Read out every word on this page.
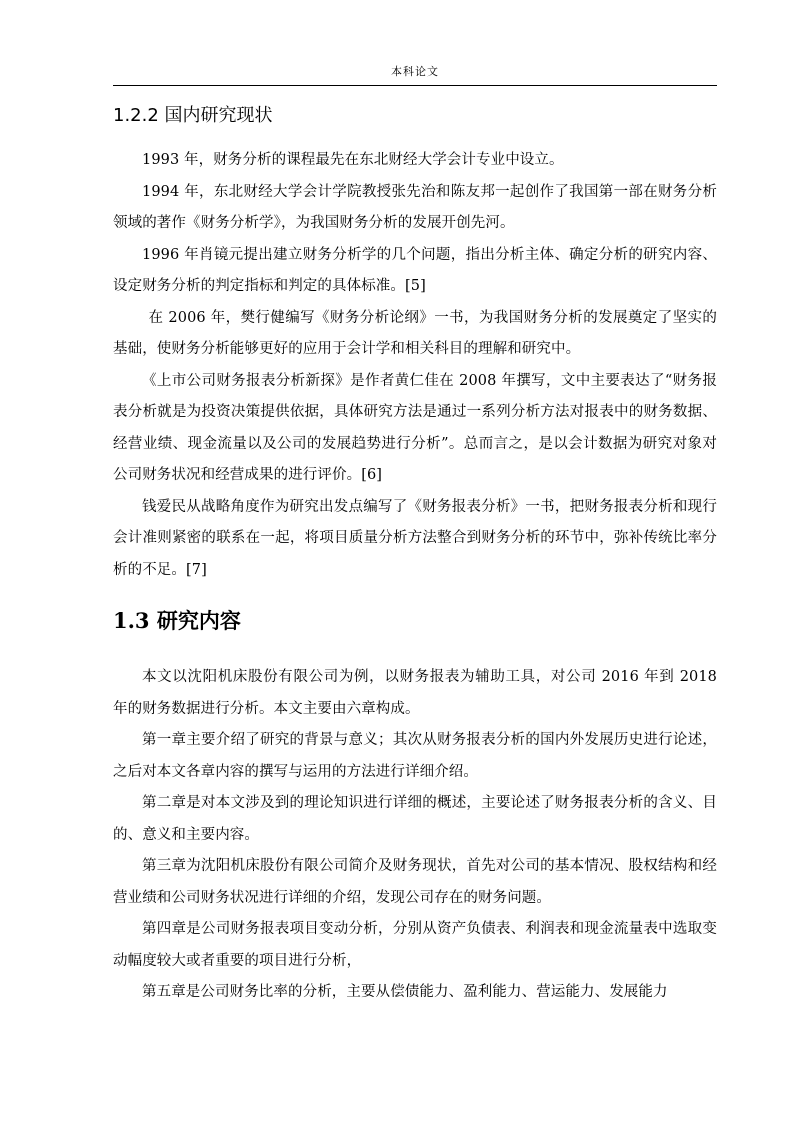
本科论文
1.2.2 国内研究现状

1993 年，财务分析的课程最先在东北财经大学会计专业中设立。

1994 年，东北财经大学会计学院教授张先治和陈友邦一起创作了我国第一部在财务分析领域的著作《财务分析学》，为我国财务分析的发展开创先河。

1996 年肖镜元提出建立财务分析学的几个问题，指出分析主体、确定分析的研究内容、设定财务分析的判定指标和判定的具体标准。[5]

在 2006 年，樊行健编写《财务分析论纲》一书，为我国财务分析的发展奠定了坚实的基础，使财务分析能够更好的应用于会计学和相关科目的理解和研究中。

《上市公司财务报表分析新探》是作者黄仁佳在 2008 年撰写，文中主要表达了“财务报表分析就是为投资决策提供依据，具体研究方法是通过一系列分析方法对报表中的财务数据、经营业绩、现金流量以及公司的发展趋势进行分析”。总而言之，是以会计数据为研究对象对公司财务状况和经营成果的进行评价。[6]

钱爱民从战略角度作为研究出发点编写了《财务报表分析》一书，把财务报表分析和现行会计准则紧密的联系在一起，将项目质量分析方法整合到财务分析的环节中，弥补传统比率分析的不足。[7]

1.3 研究内容

本文以沈阳机床股份有限公司为例，以财务报表为辅助工具，对公司 2016 年到 2018 年的财务数据进行分析。本文主要由六章构成。

第一章主要介绍了研究的背景与意义；其次从财务报表分析的国内外发展历史进行论述，之后对本文各章内容的撰写与运用的方法进行详细介绍。

第二章是对本文涉及到的理论知识进行详细的概述，主要论述了财务报表分析的含义、目的、意义和主要内容。

第三章为沈阳机床股份有限公司简介及财务现状，首先对公司的基本情况、股权结构和经营业绩和公司财务状况进行详细的介绍，发现公司存在的财务问题。

第四章是公司财务报表项目变动分析，分别从资产负债表、利润表和现金流量表中选取变动幅度较大或者重要的项目进行分析，

第五章是公司财务比率的分析，主要从偿债能力、盈利能力、营运能力、发展能力
